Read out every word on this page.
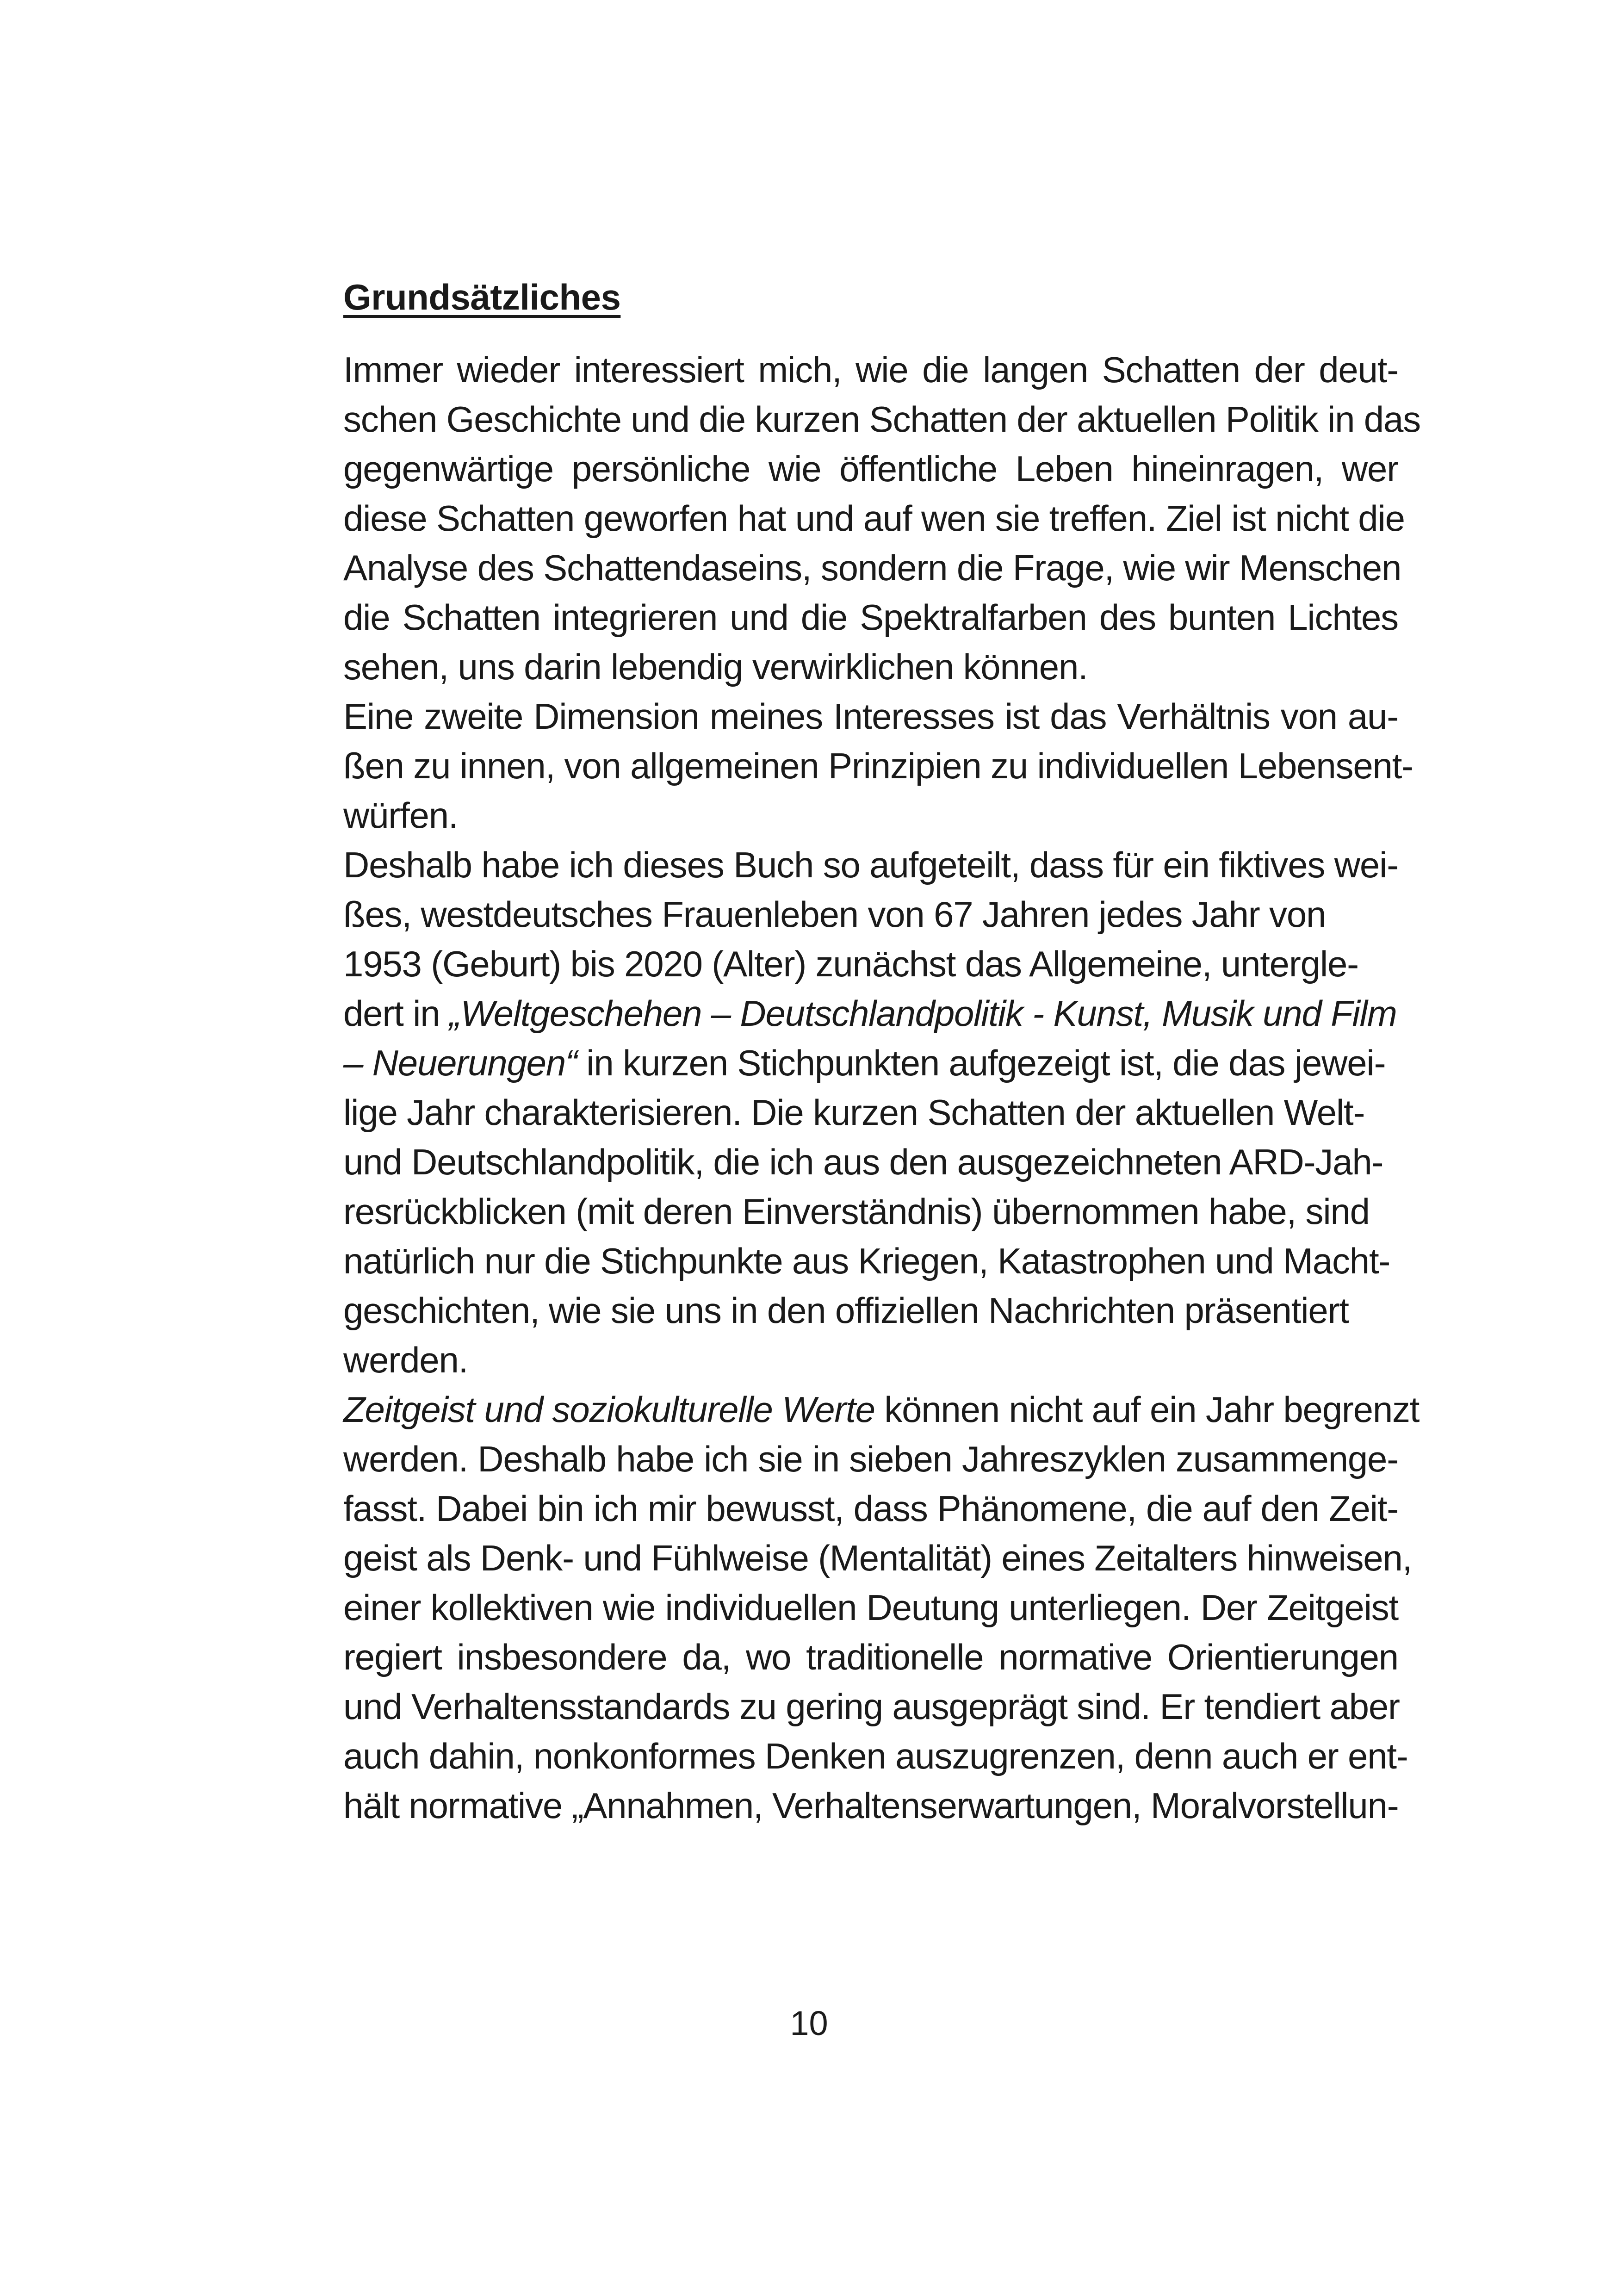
Grundsätzliches
Immer wieder interessiert mich, wie die langen Schatten der deut-
schen Geschichte und die kurzen Schatten der aktuellen Politik in das
gegenwärtige persönliche wie öffentliche Leben hineinragen, wer
diese Schatten geworfen hat und auf wen sie treffen. Ziel ist nicht die
Analyse des Schattendaseins, sondern die Frage, wie wir Menschen
die Schatten integrieren und die Spektralfarben des bunten Lichtes
sehen, uns darin lebendig verwirklichen können.
Eine zweite Dimension meines Interesses ist das Verhältnis von au-
ßen zu innen, von allgemeinen Prinzipien zu individuellen Lebensent-
würfen.
Deshalb habe ich dieses Buch so aufgeteilt, dass für ein fiktives wei-
ßes, westdeutsches Frauenleben von 67 Jahren jedes Jahr von
1953 (Geburt) bis 2020 (Alter) zunächst das Allgemeine, untergle-
dert in „Weltgeschehen – Deutschlandpolitik - Kunst, Musik und Film
– Neuerungen“ in kurzen Stichpunkten aufgezeigt ist, die das jewei-
lige Jahr charakterisieren. Die kurzen Schatten der aktuellen Welt-
und Deutschlandpolitik, die ich aus den ausgezeichneten ARD-Jah-
resrückblicken (mit deren Einverständnis) übernommen habe, sind
natürlich nur die Stichpunkte aus Kriegen, Katastrophen und Macht-
geschichten, wie sie uns in den offiziellen Nachrichten präsentiert
werden.
Zeitgeist und soziokulturelle Werte können nicht auf ein Jahr begrenzt
werden. Deshalb habe ich sie in sieben Jahreszyklen zusammenge-
fasst. Dabei bin ich mir bewusst, dass Phänomene, die auf den Zeit-
geist als Denk- und Fühlweise (Mentalität) eines Zeitalters hinweisen,
einer kollektiven wie individuellen Deutung unterliegen. Der Zeitgeist
regiert insbesondere da, wo traditionelle normative Orientierungen
und Verhaltensstandards zu gering ausgeprägt sind. Er tendiert aber
auch dahin, nonkonformes Denken auszugrenzen, denn auch er ent-
hält normative „Annahmen, Verhaltenserwartungen, Moralvorstellun-
10
